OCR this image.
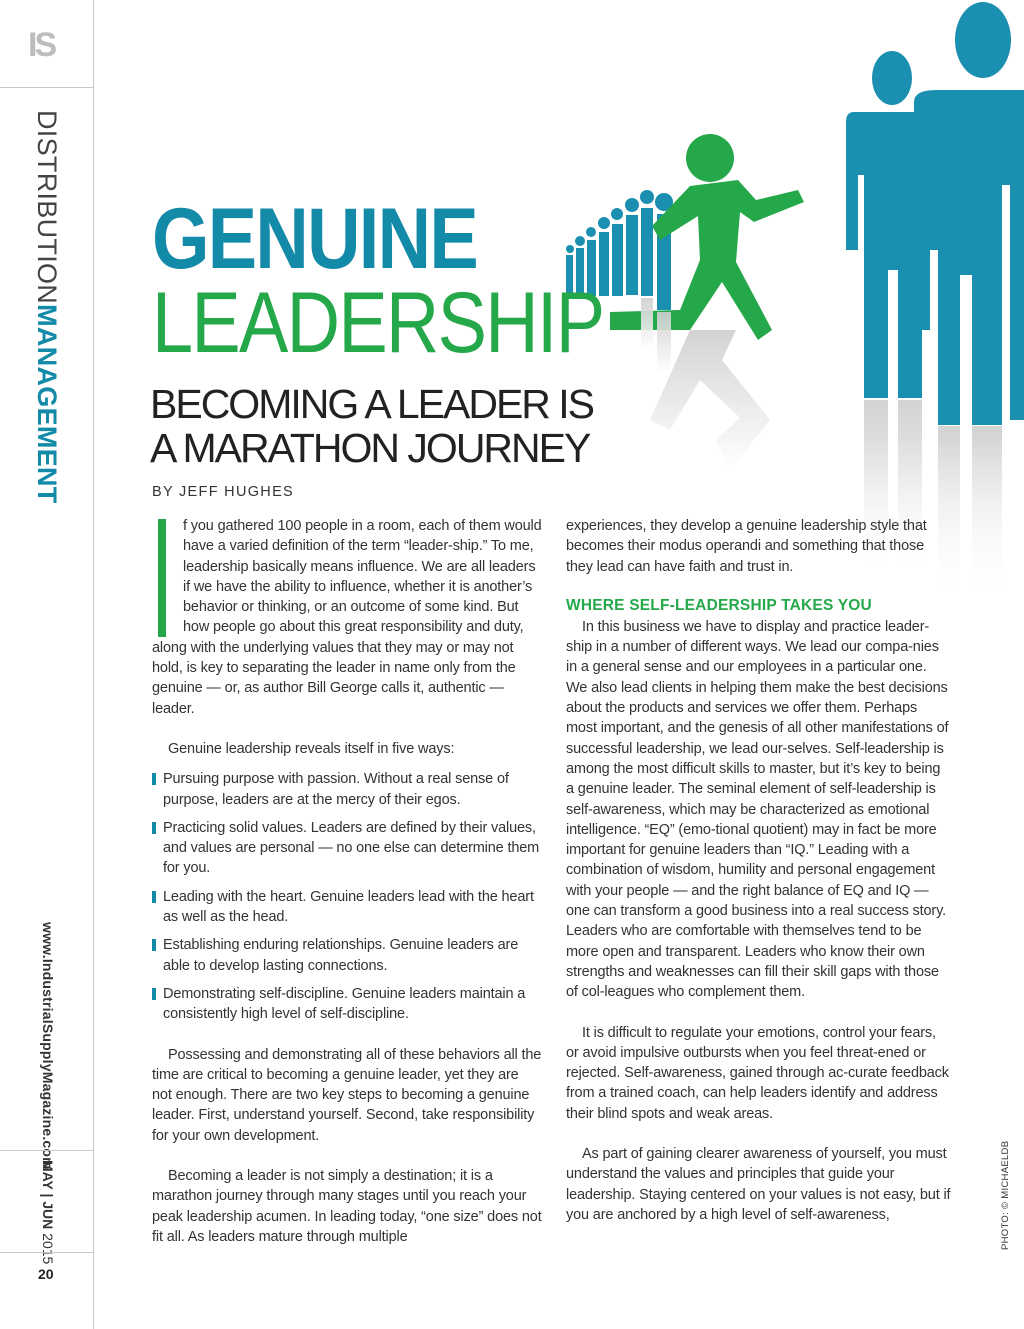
IS
DISTRIBUTIONMANAGEMENT
www.IndustrialSupplyMagazine.com
MAY | JUN 2015
20
GENUINE
LEADERSHIP
BECOMING A LEADER IS
A MARATHON JOURNEY
BY JEFF HUGHES

f you gathered 100 people in a room, each of them would have a varied definition of the term “leader-ship.” To me, leadership basically means influence. We are all leaders if we have the ability to influence, whether it is another’s behavior or thinking, or an outcome of some kind. But how people go about this great responsibility and duty, along with the underlying values that they may or may not hold, is key to separating the leader in name only from the genuine — or, as author Bill George calls it, authentic — leader.

Genuine leadership reveals itself in five ways:

Pursuing purpose with passion. Without a real sense of purpose, leaders are at the mercy of their egos.
Practicing solid values. Leaders are defined by their values, and values are personal — no one else can determine them for you.
Leading with the heart. Genuine leaders lead with the heart as well as the head.
Establishing enduring relationships. Genuine leaders are able to develop lasting connections.
Demonstrating self-discipline. Genuine leaders maintain a consistently high level of self-discipline.

Possessing and demonstrating all of these behaviors all the time are critical to becoming a genuine leader, yet they are not enough. There are two key steps to becoming a genuine leader. First, understand yourself. Second, take responsibility for your own development.

Becoming a leader is not simply a destination; it is a marathon journey through many stages until you reach your peak leadership acumen. In leading today, “one size” does not fit all. As leaders mature through multiple

experiences, they develop a genuine leadership style that becomes their modus operandi and something that those they lead can have faith and trust in.

WHERE SELF-LEADERSHIP TAKES YOU

In this business we have to display and practice leader-ship in a number of different ways. We lead our compa-nies in a general sense and our employees in a particular one. We also lead clients in helping them make the best decisions about the products and services we offer them. Perhaps most important, and the genesis of all other manifestations of successful leadership, we lead our-selves. Self-leadership is among the most difficult skills to master, but it’s key to being a genuine leader. The seminal element of self-leadership is self-awareness, which may be characterized as emotional intelligence. “EQ” (emo-tional quotient) may in fact be more important for genuine leaders than “IQ.” Leading with a combination of wisdom, humility and personal engagement with your people — and the right balance of EQ and IQ — one can transform a good business into a real success story. Leaders who are comfortable with themselves tend to be more open and transparent. Leaders who know their own strengths and weaknesses can fill their skill gaps with those of col-leagues who complement them.

It is difficult to regulate your emotions, control your fears, or avoid impulsive outbursts when you feel threat-ened or rejected. Self-awareness, gained through ac-curate feedback from a trained coach, can help leaders identify and address their blind spots and weak areas.

As part of gaining clearer awareness of yourself, you must understand the values and principles that guide your leadership. Staying centered on your values is not easy, but if you are anchored by a high level of self-awareness,	PHOTO: © MICHAELDB
